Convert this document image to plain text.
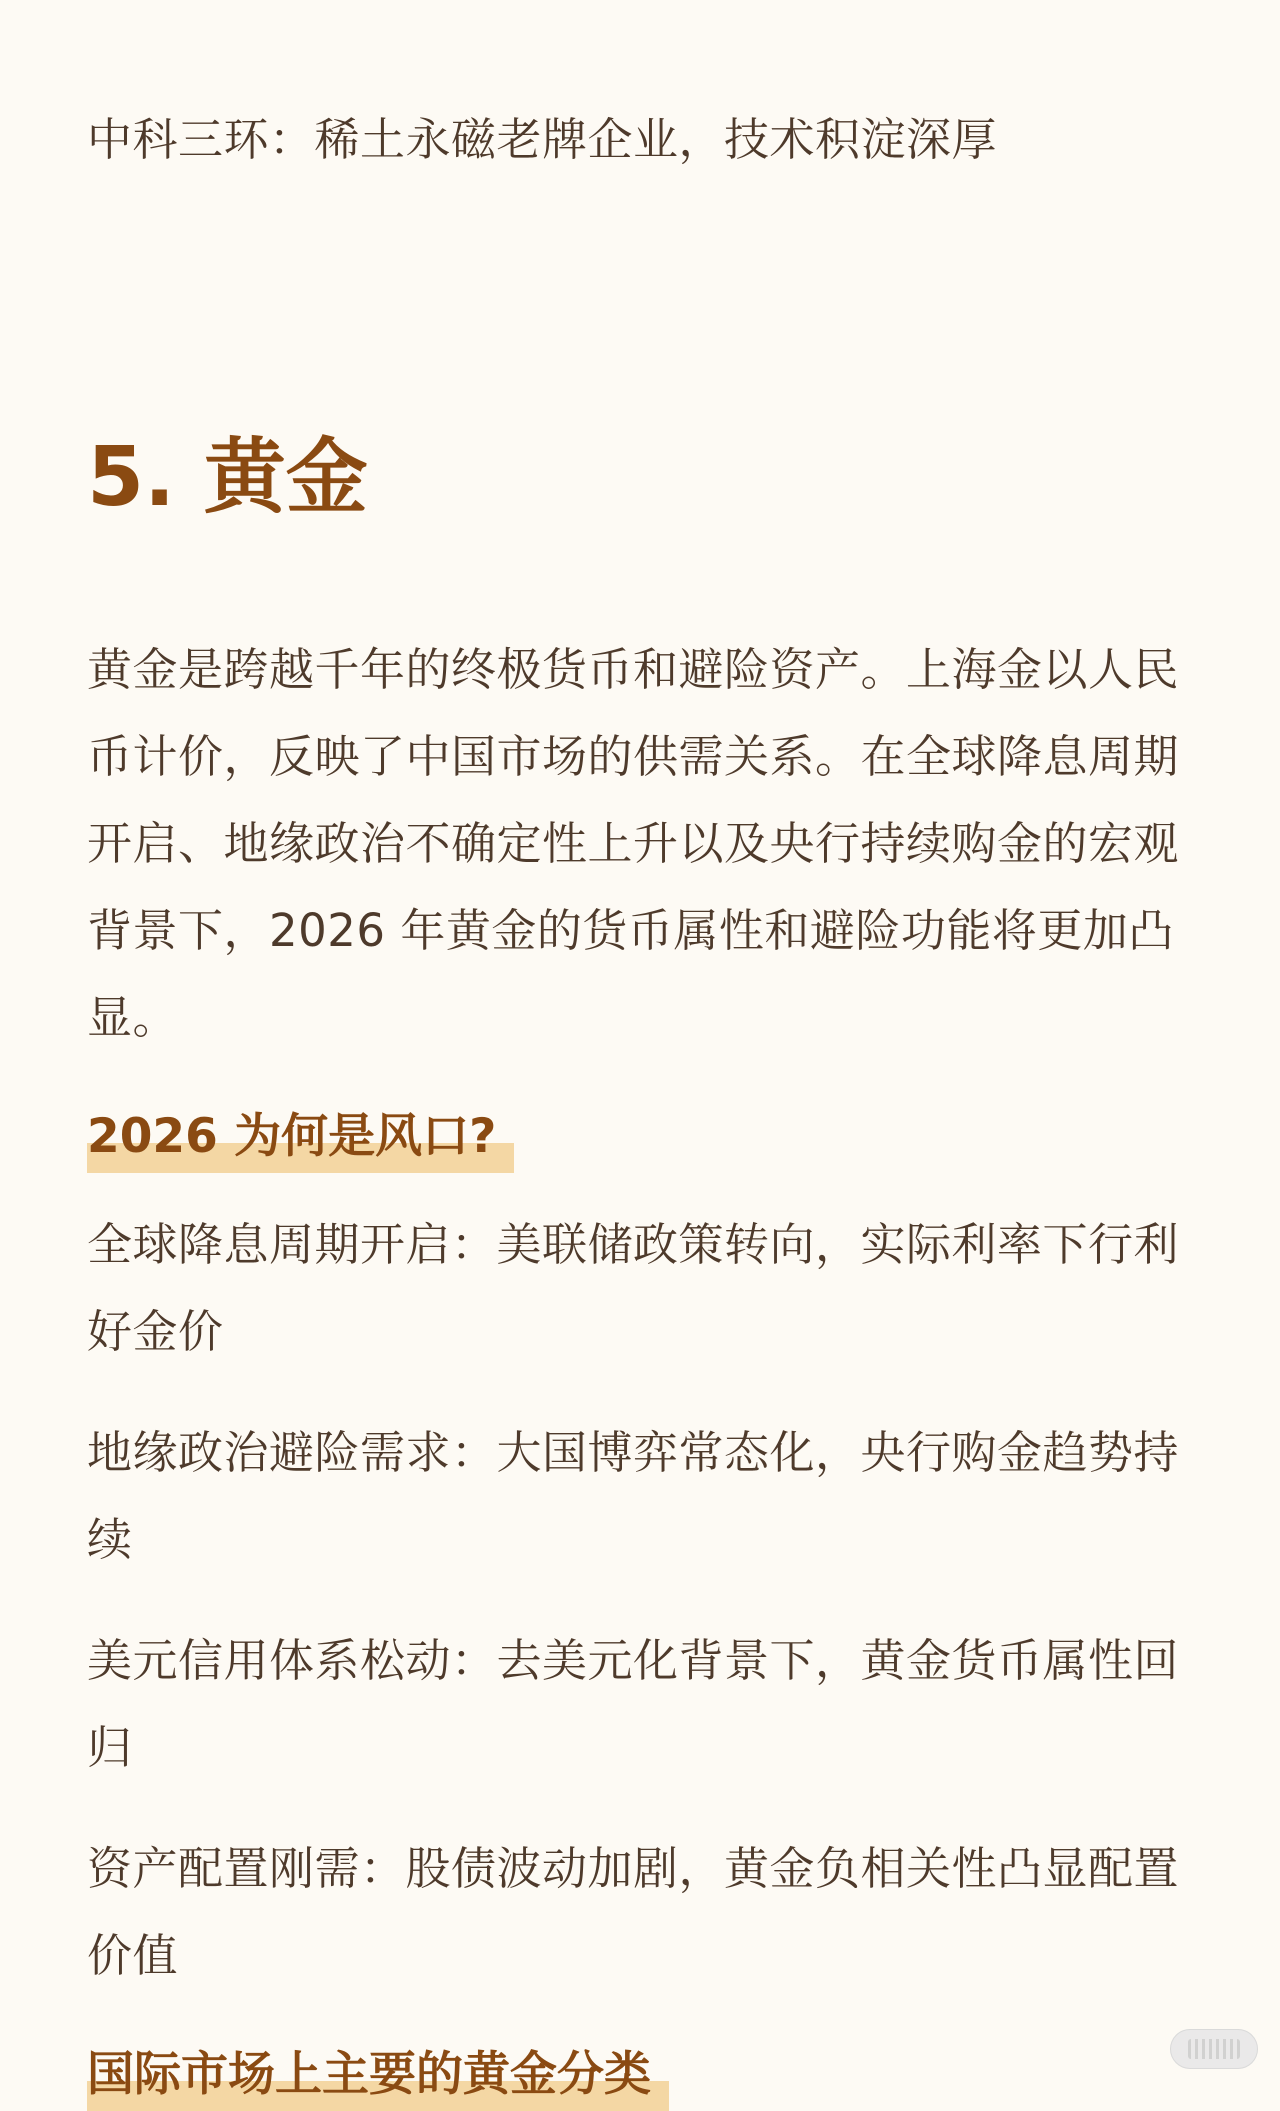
中科三环：稀土永磁老牌企业，技术积淀深厚

5. 黄金

黄金是跨越千年的终极货币和避险资产。上海金以人民币计价，反映了中国市场的供需关系。在全球降息周期开启、地缘政治不确定性上升以及央行持续购金的宏观背景下，2026 年黄金的货币属性和避险功能将更加凸显。

2026 为何是风口?

全球降息周期开启：美联储政策转向，实际利率下行利好金价

地缘政治避险需求：大国博弈常态化，央行购金趋势持续

美元信用体系松动：去美元化背景下，黄金货币属性回归

资产配置刚需：股债波动加剧，黄金负相关性凸显配置价值

国际市场上主要的黄金分类
